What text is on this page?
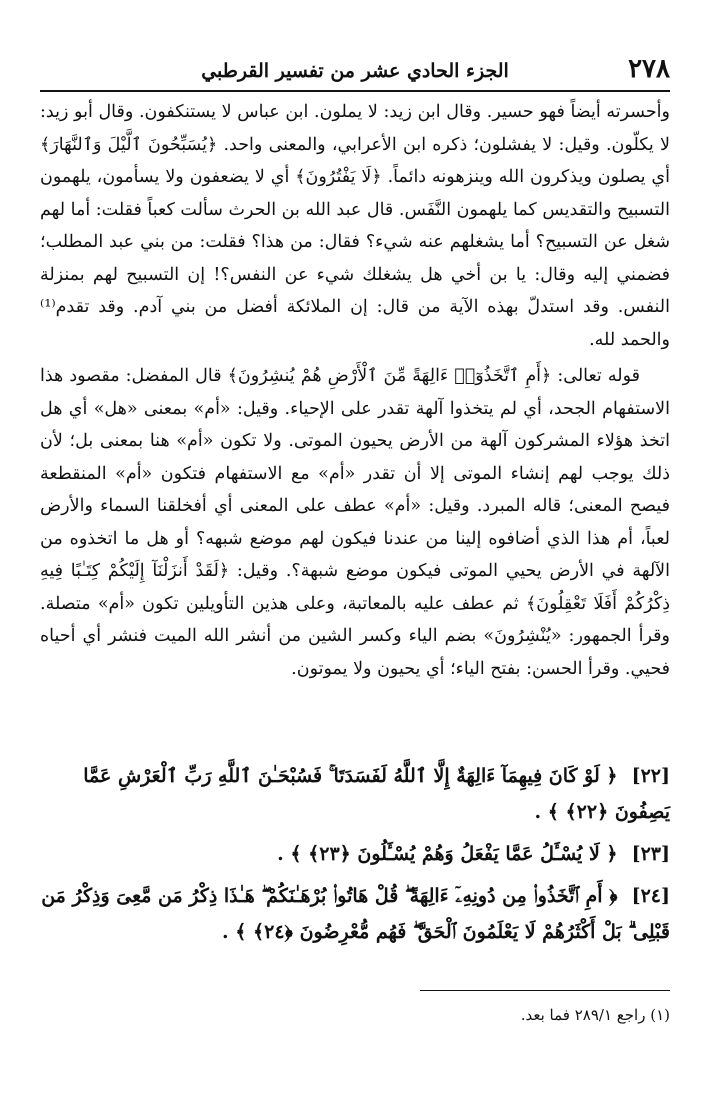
٢٧٨
الجزء الحادي عشر من تفسير القرطبي

وأحسرته أيضاً فهو حسير. وقال ابن زيد: لا يملون. ابن عباس لا يستنكفون. وقال أبو زيد: لا يكلّون. وقيل: لا يفشلون؛ ذكره ابن الأعرابي، والمعنى واحد. ﴿يُسَبِّحُونَ ٱلَّيْلَ وَٱلنَّهَارَ﴾ أي يصلون ويذكرون الله وينزهونه دائماً. ﴿لَا يَفْتُرُونَ﴾ أي لا يضعفون ولا يسأمون، يلهمون التسبيح والتقديس كما يلهمون النَّفَس. قال عبد الله بن الحرث سألت كعباً فقلت: أما لهم شغل عن التسبيح؟ أما يشغلهم عنه شيء؟ فقال: من هذا؟ فقلت: من بني عبد المطلب؛ فضمني إليه وقال: يا بن أخي هل يشغلك شيء عن النفس؟! إن التسبيح لهم بمنزلة النفس. وقد استدلّ بهذه الآية من قال: إن الملائكة أفضل من بني آدم. وقد تقدم⁽¹⁾ والحمد لله.

قوله تعالى: ﴿أَمِ ٱتَّخَذُوٓا۟ ءَالِهَةً مِّنَ ٱلْأَرْضِ هُمْ يُنشِرُونَ﴾ قال المفضل: مقصود هذا الاستفهام الجحد، أي لم يتخذوا آلهة تقدر على الإحياء. وقيل: «أم» بمعنى «هل» أي هل اتخذ هؤلاء المشركون آلهة من الأرض يحيون الموتى. ولا تكون «أم» هنا بمعنى بل؛ لأن ذلك يوجب لهم إنشاء الموتى إلا أن تقدر «أم» مع الاستفهام فتكون «أم» المنقطعة فيصح المعنى؛ قاله المبرد. وقيل: «أم» عطف على المعنى أي أفخلقنا السماء والأرض لعباً، أم هذا الذي أضافوه إلينا من عندنا فيكون لهم موضع شبهه؟ أو هل ما اتخذوه من الآلهة في الأرض يحيي الموتى فيكون موضع شبهة؟. وقيل: ﴿لَقَدْ أَنزَلْنَآ إِلَيْكُمْ كِتَـٰبًا فِيهِ ذِكْرُكُمْ أَفَلَا تَعْقِلُونَ﴾ ثم عطف عليه بالمعاتبة، وعلى هذين التأويلين تكون «أم» متصلة. وقرأ الجمهور: «يُنْشِرُونَ» بضم الياء وكسر الشين من أنشر الله الميت فنشر أي أحياه فحيي. وقرأ الحسن: بفتح الياء؛ أي يحيون ولا يموتون.

[٢٢] ﴿ لَوْ كَانَ فِيهِمَآ ءَالِهَةٌ إِلَّا ٱللَّهُ لَفَسَدَتَا ۚ فَسُبْحَـٰنَ ٱللَّهِ رَبِّ ٱلْعَرْشِ عَمَّا يَصِفُونَ ﴿٢٢﴾ ﴾ .
[٢٣] ﴿ لَا يُسْـَٔلُ عَمَّا يَفْعَلُ وَهُمْ يُسْـَٔلُونَ ﴿٢٣﴾ ﴾ .
[٢٤] ﴿ أَمِ ٱتَّخَذُوا۟ مِن دُونِهِۦٓ ءَالِهَةً ۖ قُلْ هَاتُوا۟ بُرْهَـٰنَكُمْ ۖ هَـٰذَا ذِكْرُ مَن مَّعِىَ وَذِكْرُ مَن قَبْلِى ۗ بَلْ أَكْثَرُهُمْ لَا يَعْلَمُونَ ٱلْحَقَّ ۖ فَهُم مُّعْرِضُونَ ﴿٢٤﴾ ﴾ .
(١) راجع ٢٨٩/١ فما بعد.
